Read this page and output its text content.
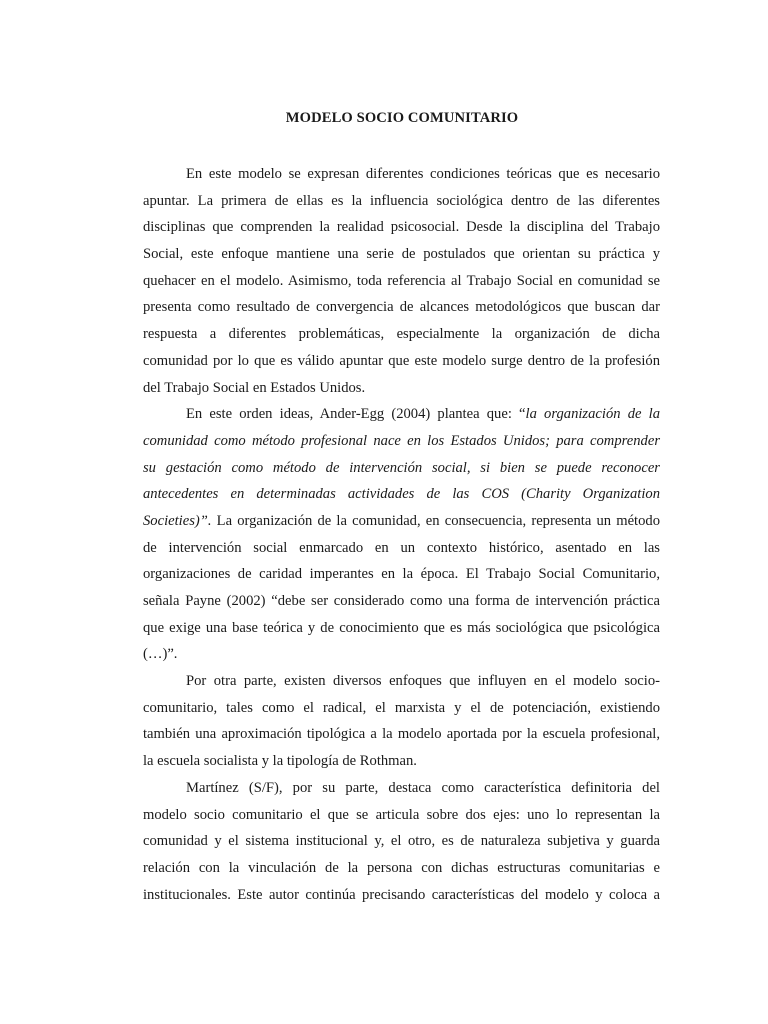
MODELO SOCIO COMUNITARIO
En este modelo se expresan diferentes condiciones teóricas que es necesario
apuntar. La primera de ellas es la influencia sociológica dentro de las diferentes
disciplinas que comprenden la realidad psicosocial. Desde la disciplina del Trabajo
Social, este enfoque mantiene una serie de postulados que orientan su práctica y
quehacer en el modelo. Asimismo, toda referencia al Trabajo Social en comunidad se
presenta como resultado de convergencia de alcances metodológicos que buscan dar
respuesta a diferentes problemáticas, especialmente la organización de dicha
comunidad por lo que es válido apuntar que este modelo surge dentro de la profesión
del Trabajo Social en Estados Unidos.
En este orden ideas, Ander-Egg (2004) plantea que: “la organización de la
comunidad como método profesional nace en los Estados Unidos; para comprender
su gestación como método de intervención social, si bien se puede reconocer
antecedentes en determinadas actividades de las COS (Charity Organization
Societies)”. La organización de la comunidad, en consecuencia, representa un método
de intervención social enmarcado en un contexto histórico, asentado en las
organizaciones de caridad imperantes en la época. El Trabajo Social Comunitario,
señala Payne (2002) “debe ser considerado como una forma de intervención práctica
que exige una base teórica y de conocimiento que es más sociológica que psicológica
(…)”.
Por otra parte, existen diversos enfoques que influyen en el modelo socio-
comunitario, tales como el radical, el marxista y el de potenciación, existiendo
también una aproximación tipológica a la modelo aportada por la escuela profesional,
la escuela socialista y la tipología de Rothman.
Martínez (S/F), por su parte, destaca como característica definitoria del
modelo socio comunitario el que se articula sobre dos ejes: uno lo representan la
comunidad y el sistema institucional y, el otro, es de naturaleza subjetiva y guarda
relación con la vinculación de la persona con dichas estructuras comunitarias e
institucionales. Este autor continúa precisando características del modelo y coloca a
